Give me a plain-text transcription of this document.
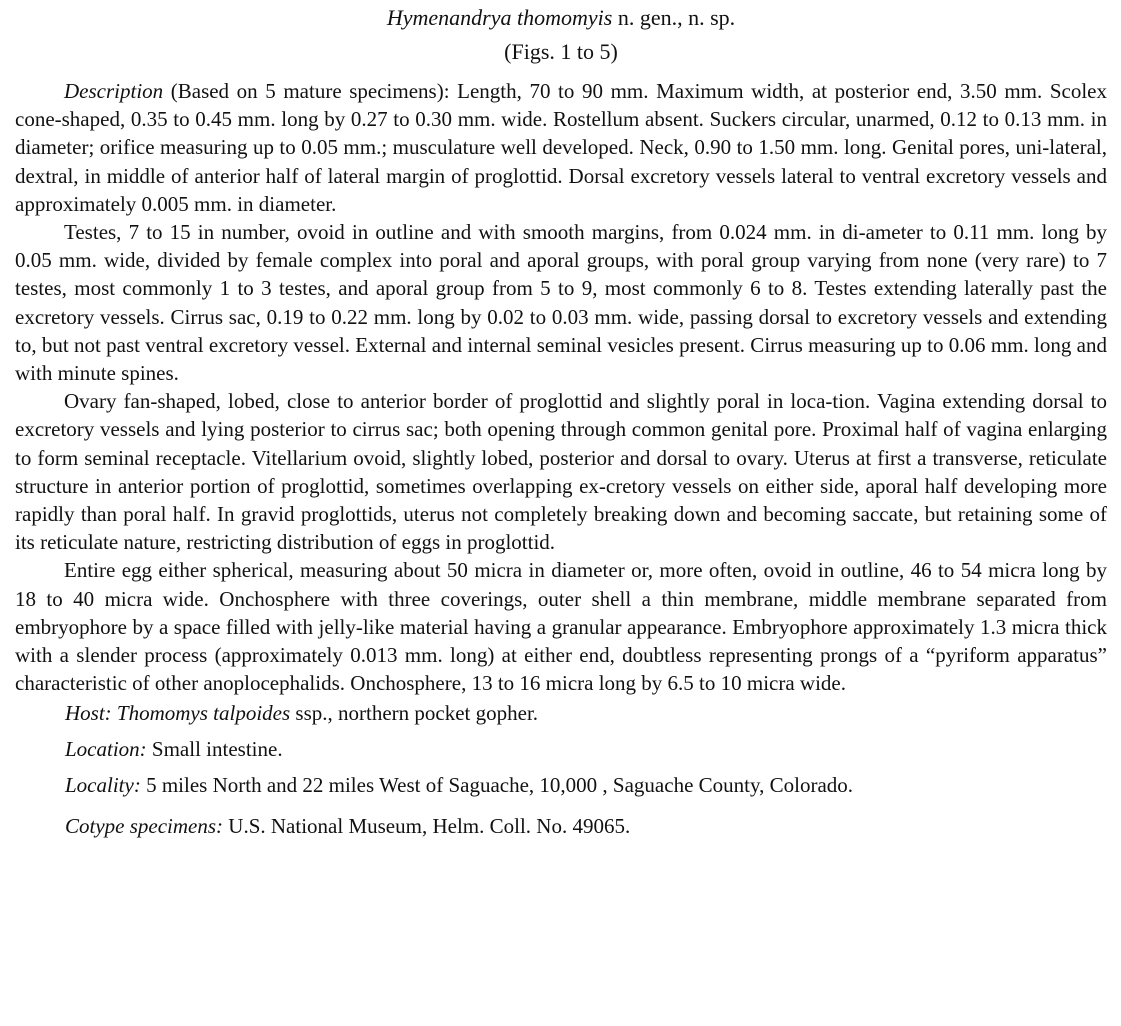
Hymenandrya thomomyis n. gen., n. sp.
(Figs. 1 to 5)

Description (Based on 5 mature specimens): Length, 70 to 90 mm. Maximum width, at posterior end, 3.50 mm. Scolex cone-shaped, 0.35 to 0.45 mm. long by 0.27 to 0.30 mm. wide. Rostellum absent. Suckers circular, unarmed, 0.12 to 0.13 mm. in diameter; orifice measuring up to 0.05 mm.; musculature well developed. Neck, 0.90 to 1.50 mm. long. Genital pores, uni-lateral, dextral, in middle of anterior half of lateral margin of proglottid. Dorsal excretory vessels lateral to ventral excretory vessels and approximately 0.005 mm. in diameter.

Testes, 7 to 15 in number, ovoid in outline and with smooth margins, from 0.024 mm. in di-ameter to 0.11 mm. long by 0.05 mm. wide, divided by female complex into poral and aporal groups, with poral group varying from none (very rare) to 7 testes, most commonly 1 to 3 testes, and aporal group from 5 to 9, most commonly 6 to 8. Testes extending laterally past the excretory vessels. Cirrus sac, 0.19 to 0.22 mm. long by 0.02 to 0.03 mm. wide, passing dorsal to excretory vessels and extending to, but not past ventral excretory vessel. External and internal seminal vesicles present. Cirrus measuring up to 0.06 mm. long and with minute spines.

Ovary fan-shaped, lobed, close to anterior border of proglottid and slightly poral in loca-tion. Vagina extending dorsal to excretory vessels and lying posterior to cirrus sac; both opening through common genital pore. Proximal half of vagina enlarging to form seminal receptacle. Vitellarium ovoid, slightly lobed, posterior and dorsal to ovary. Uterus at first a transverse, reticulate structure in anterior portion of proglottid, sometimes overlapping ex-cretory vessels on either side, aporal half developing more rapidly than poral half. In gravid proglottids, uterus not completely breaking down and becoming saccate, but retaining some of its reticulate nature, restricting distribution of eggs in proglottid.

Entire egg either spherical, measuring about 50 micra in diameter or, more often, ovoid in outline, 46 to 54 micra long by 18 to 40 micra wide. Onchosphere with three coverings, outer shell a thin membrane, middle membrane separated from embryophore by a space filled with jelly-like material having a granular appearance. Embryophore approximately 1.3 micra thick with a slender process (approximately 0.013 mm. long) at either end, doubtless representing prongs of a “pyriform apparatus” characteristic of other anoplocephalids. Onchosphere, 13 to 16 micra long by 6.5 to 10 micra wide.

Host: Thomomys talpoides ssp., northern pocket gopher.

Location: Small intestine.

Locality: 5 miles North and 22 miles West of Saguache, 10,000 , Saguache County, Colorado.

Cotype specimens: U.S. National Museum, Helm. Coll. No. 49065.
